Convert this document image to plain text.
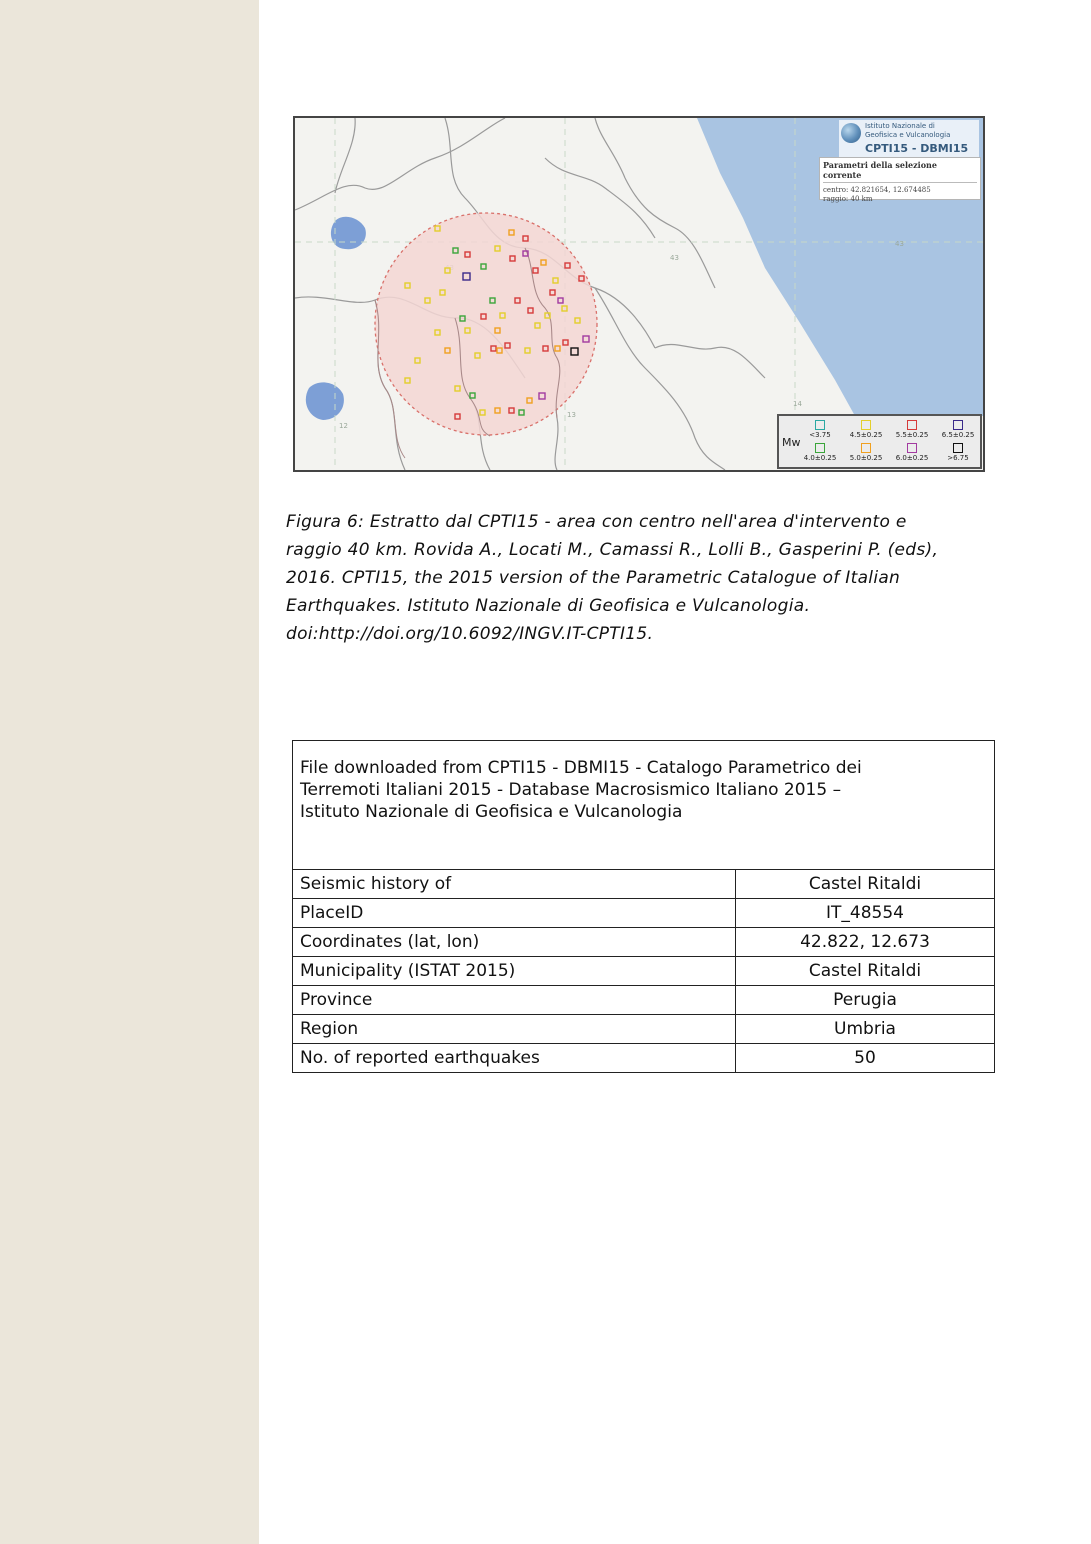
43
43
12
13
14
Istituto Nazionale di
Geofisica e Vulcanologia
CPTI15 - DBMI15
Parametri della selezione corrente
centro: 42.821654, 12.674485
raggio: 40 km
Mw
<3.75
4.0±0.25
4.5±0.25
5.0±0.25
5.5±0.25
6.0±0.25
6.5±0.25
>6.75
Figura 6: Estratto dal CPTI15 - area con centro nell'area d'intervento e
raggio 40 km. Rovida A., Locati M., Camassi R., Lolli B., Gasperini P. (eds),
2016. CPTI15, the 2015 version of the Parametric Catalogue of Italian
Earthquakes. Istituto Nazionale di Geofisica e Vulcanologia.
doi:http://doi.org/10.6092/INGV.IT-CPTI15.
File downloaded from CPTI15 - DBMI15 - Catalogo Parametrico dei
Terremoti Italiani 2015 - Database Macrosismico Italiano 2015 –
Istituto Nazionale di Geofisica e Vulcanologia	
Seismic history of	Castel Ritaldi
PlaceID	IT_48554
Coordinates (lat, lon)	42.822, 12.673
Municipality (ISTAT 2015)	Castel Ritaldi
Province	Perugia
Region	Umbria
No. of reported earthquakes	50
